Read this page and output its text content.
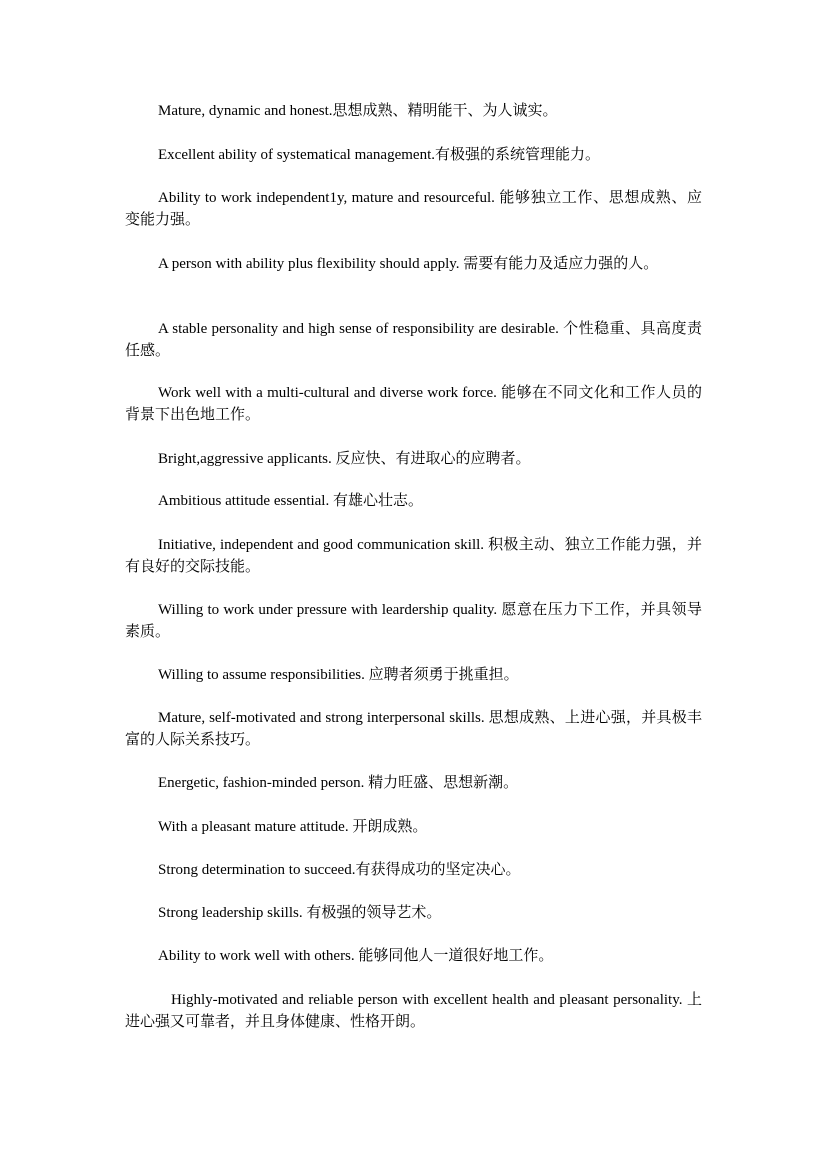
Mature, dynamic and honest.思想成熟、精明能干、为人诚实。

Excellent ability of systematical management.有极强的系统管理能力。

Ability to work independent1y, mature and resourceful. 能够独立工作、思想成熟、应变能力强。

A person with ability plus flexibility should apply. 需要有能力及适应力强的人。

A stable personality and high sense of responsibility are desirable. 个性稳重、具高度责任感。

Work well with a multi-cultural and diverse work force. 能够在不同文化和工作人员的背景下出色地工作。

Bright,aggressive applicants. 反应快、有进取心的应聘者。

Ambitious attitude essential. 有雄心壮志。

Initiative, independent and good communication skill. 积极主动、独立工作能力强，并有良好的交际技能。

Willing to work under pressure with leardership quality. 愿意在压力下工作，并具领导素质。

Willing to assume responsibilities. 应聘者须勇于挑重担。

Mature, self-motivated and strong interpersonal skills. 思想成熟、上进心强，并具极丰富的人际关系技巧。

Energetic, fashion-minded person. 精力旺盛、思想新潮。

With a pleasant mature attitude. 开朗成熟。

Strong determination to succeed.有获得成功的坚定决心。

Strong leadership skills. 有极强的领导艺术。

Ability to work well with others. 能够同他人一道很好地工作。

Highly-motivated and reliable person with excellent health and pleasant personality. 上进心强又可靠者，并且身体健康、性格开朗。
